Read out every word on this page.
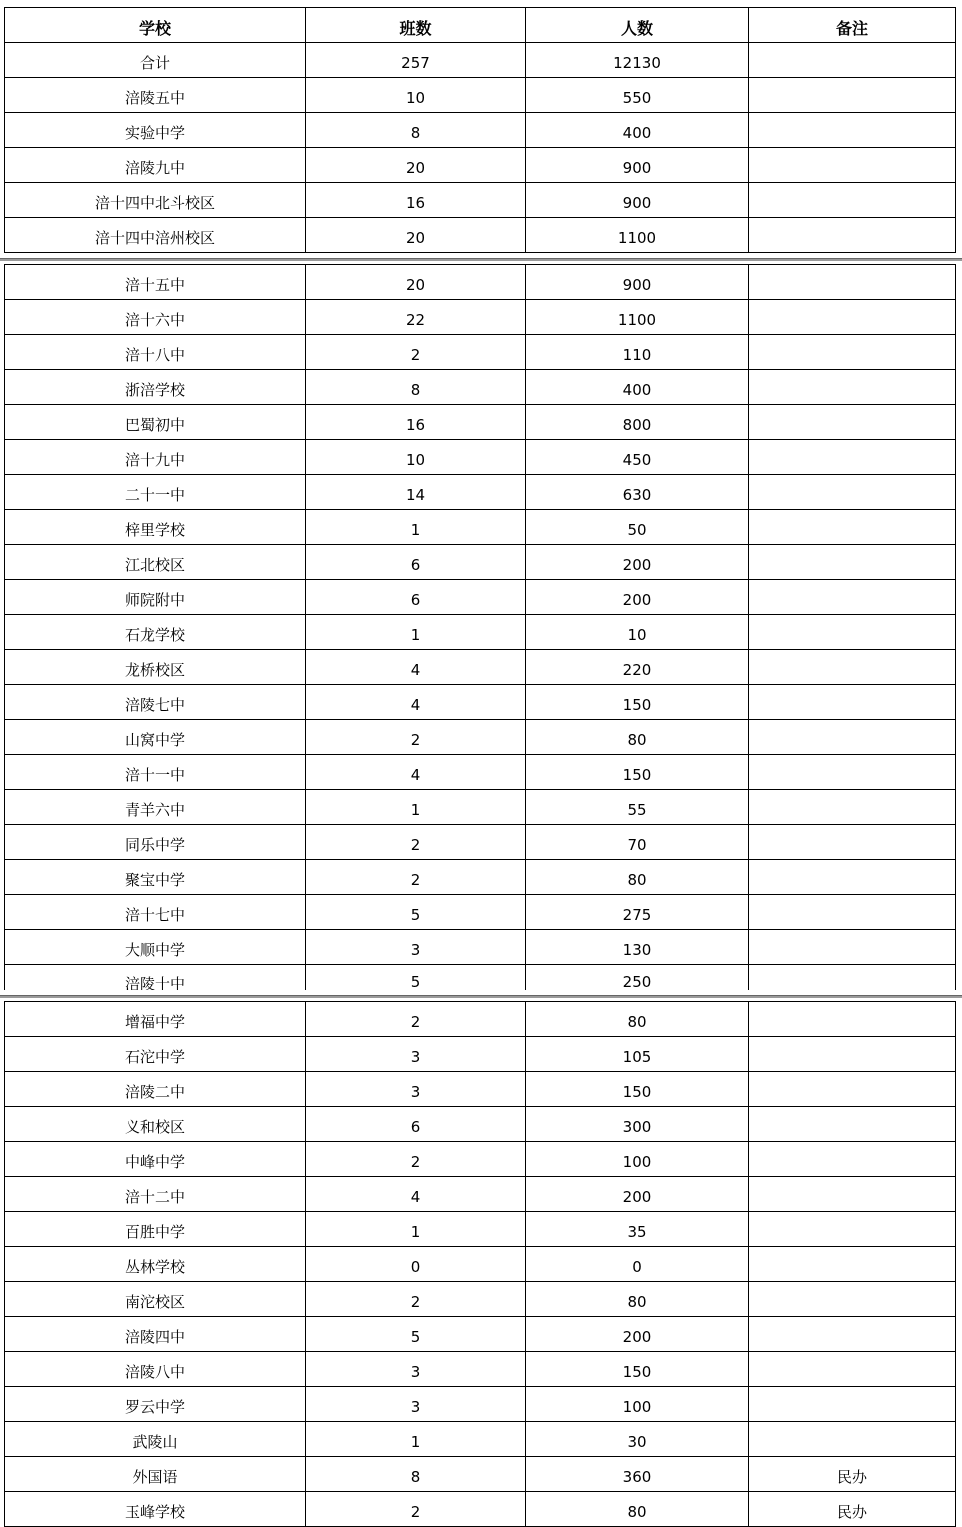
学校	班数	人数	备注
合计	257	12130
涪陵五中	10	550
实验中学	8	400
涪陵九中	20	900
涪十四中北斗校区	16	900
涪十四中涪州校区	20	1100
涪十五中	20	900
涪十六中	22	1100
涪十八中	2	110
浙涪学校	8	400
巴蜀初中	16	800
涪十九中	10	450
二十一中	14	630
梓里学校	1	50
江北校区	6	200
师院附中	6	200
石龙学校	1	10
龙桥校区	4	220
涪陵七中	4	150
山窝中学	2	80
涪十一中	4	150
青羊六中	1	55
同乐中学	2	70
聚宝中学	2	80
涪十七中	5	275
大顺中学	3	130
涪陵十中	5	250
增福中学	2	80
石沱中学	3	105
涪陵二中	3	150
义和校区	6	300
中峰中学	2	100
涪十二中	4	200
百胜中学	1	35
丛林学校	0	0
南沱校区	2	80
涪陵四中	5	200
涪陵八中	3	150
罗云中学	3	100
武陵山	1	30
外国语	8	360	民办
玉峰学校	2	80	民办
